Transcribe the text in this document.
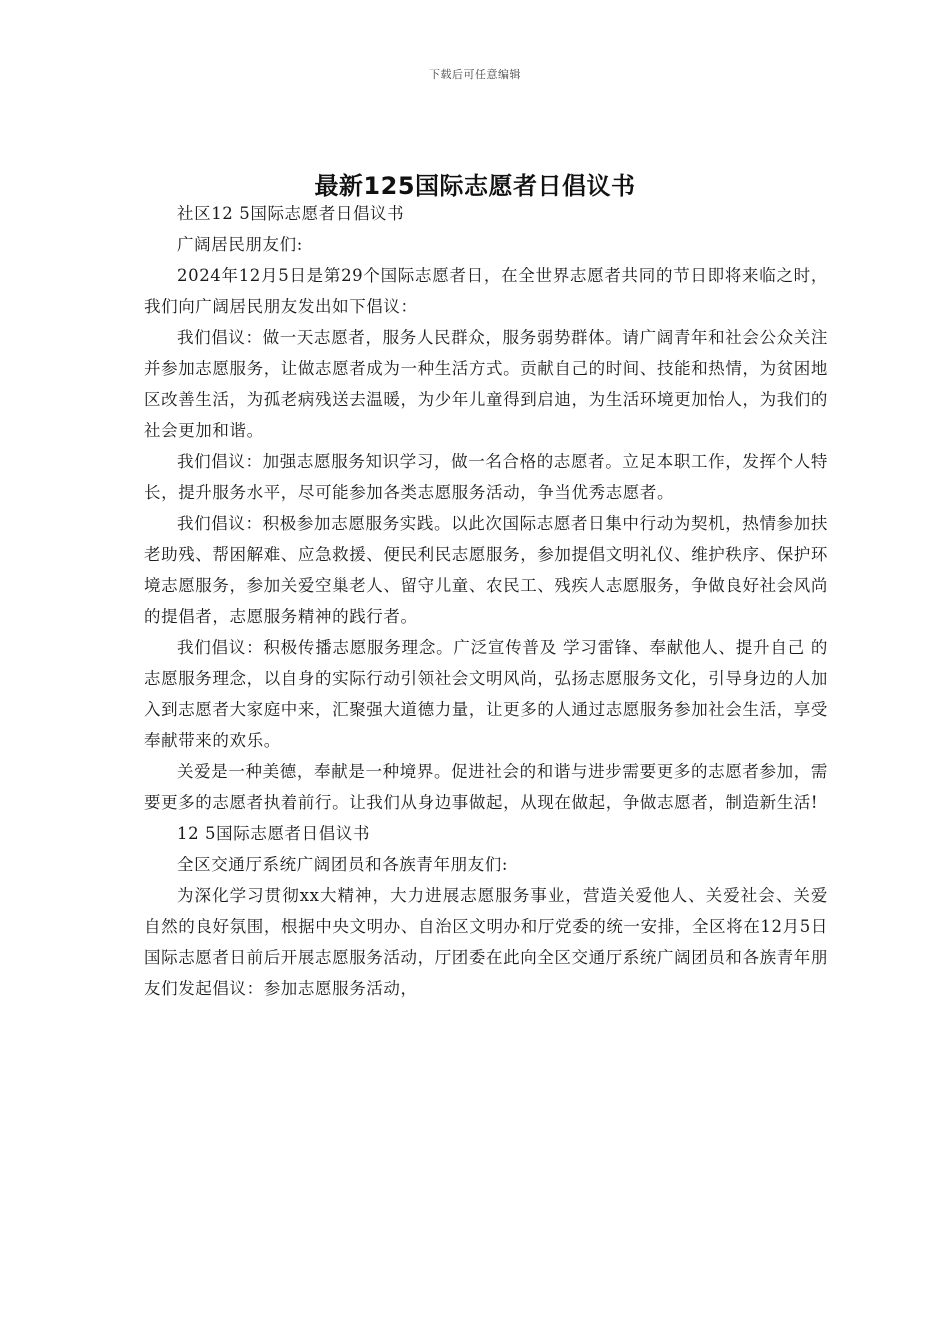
下载后可任意编辑
最新125国际志愿者日倡议书

社区12 5国际志愿者日倡议书

广阔居民朋友们:

2024年12月5日是第29个国际志愿者日，在全世界志愿者共同的节日即将来临之时，我们向广阔居民朋友发出如下倡议：

我们倡议：做一天志愿者，服务人民群众，服务弱势群体。请广阔青年和社会公众关注并参加志愿服务，让做志愿者成为一种生活方式。贡献自己的时间、技能和热情，为贫困地区改善生活，为孤老病残送去温暖，为少年儿童得到启迪，为生活环境更加怡人，为我们的社会更加和谐。

我们倡议：加强志愿服务知识学习，做一名合格的志愿者。立足本职工作，发挥个人特长，提升服务水平，尽可能参加各类志愿服务活动，争当优秀志愿者。

我们倡议：积极参加志愿服务实践。以此次国际志愿者日集中行动为契机，热情参加扶老助残、帮困解难、应急救援、便民利民志愿服务，参加提倡文明礼仪、维护秩序、保护环境志愿服务，参加关爱空巢老人、留守儿童、农民工、残疾人志愿服务，争做良好社会风尚的提倡者，志愿服务精神的践行者。

我们倡议：积极传播志愿服务理念。广泛宣传普及 学习雷锋、奉献他人、提升自己 的志愿服务理念，以自身的实际行动引领社会文明风尚，弘扬志愿服务文化，引导身边的人加入到志愿者大家庭中来，汇聚强大道德力量，让更多的人通过志愿服务参加社会生活，享受奉献带来的欢乐。

关爱是一种美德，奉献是一种境界。促进社会的和谐与进步需要更多的志愿者参加，需要更多的志愿者执着前行。让我们从身边事做起，从现在做起，争做志愿者，制造新生活!

12 5国际志愿者日倡议书

全区交通厅系统广阔团员和各族青年朋友们:

为深化学习贯彻xx大精神，大力进展志愿服务事业，营造关爱他人、关爱社会、关爱自然的良好氛围，根据中央文明办、自治区文明办和厅党委的统一安排，全区将在12月5日 国际志愿者日前后开展志愿服务活动，厅团委在此向全区交通厅系统广阔团员和各族青年朋友们发起倡议：参加志愿服务活动，
